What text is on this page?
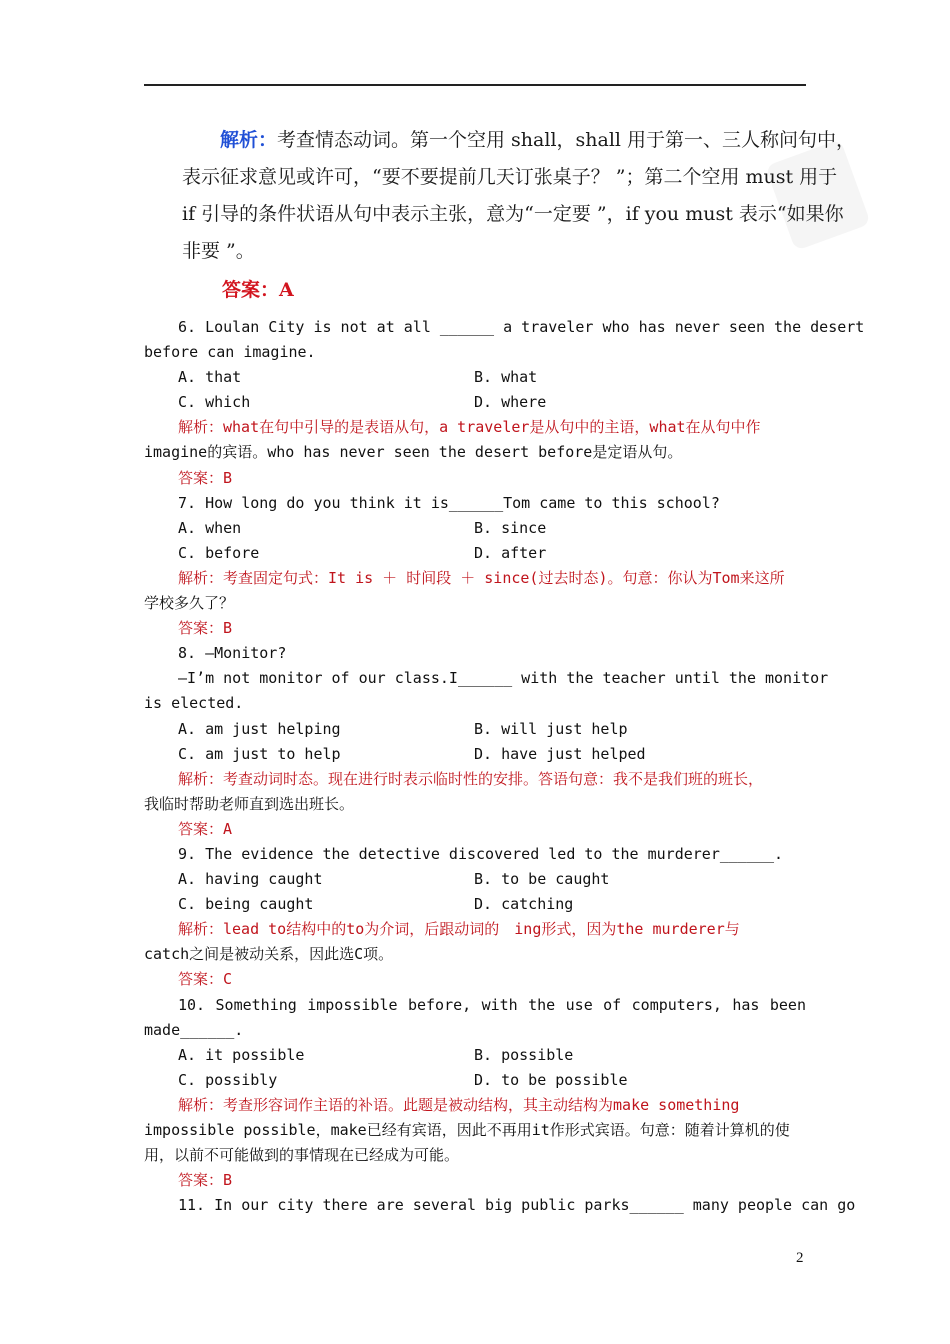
解析：考查情态动词。第一个空用 shall，shall 用于第一、三人称问句中，
表示征求意见或许可，“要不要提前几天订张桌子？ ”；第二个空用 must 用于
if 引导的条件状语从句中表示主张，意为“一定要 ”，if you must 表示“如果你
非要 ”。
答案：A
6. Loulan City is not at all ______ a traveler who has never seen the desert
before can imagine.
A. that	B. what
C. which	D. where
解析：what在句中引导的是表语从句，a traveler是从句中的主语，what在从句中作
imagine的宾语。who has never seen the desert before是定语从句。
答案：B
7. How long do you think it is______Tom came to this school?
A. when	B. since
C. before	D. after
解析：考查固定句式：It is ＋ 时间段 ＋ since(过去时态)。句意：你认为Tom来这所
学校多久了？
答案：B
8. —Monitor?
—I’m not monitor of our class.I______ with the teacher until the monitor
is elected.
A. am just helping	B. will just help
C. am just to help	D. have just helped
解析：考查动词时态。现在进行时表示临时性的安排。答语句意：我不是我们班的班长，
我临时帮助老师直到选出班长。
答案：A
9. The evidence the detective discovered led to the murderer______.
A. having caught	B. to be caught
C. being caught	D. catching
解析：lead to结构中的to为介词，后跟动词的　ing形式，因为the murderer与
catch之间是被动关系，因此选C项。
答案：C
10. Something impossible before, with the use of computers, has been
made______.
A. it possible	B. possible
C. possibly	D. to be possible
解析：考查形容词作主语的补语。此题是被动结构，其主动结构为make something
impossible possible，make已经有宾语，因此不再用it作形式宾语。句意：随着计算机的使
用，以前不可能做到的事情现在已经成为可能。
答案：B
11. In our city there are several big public parks______ many people can go
2
